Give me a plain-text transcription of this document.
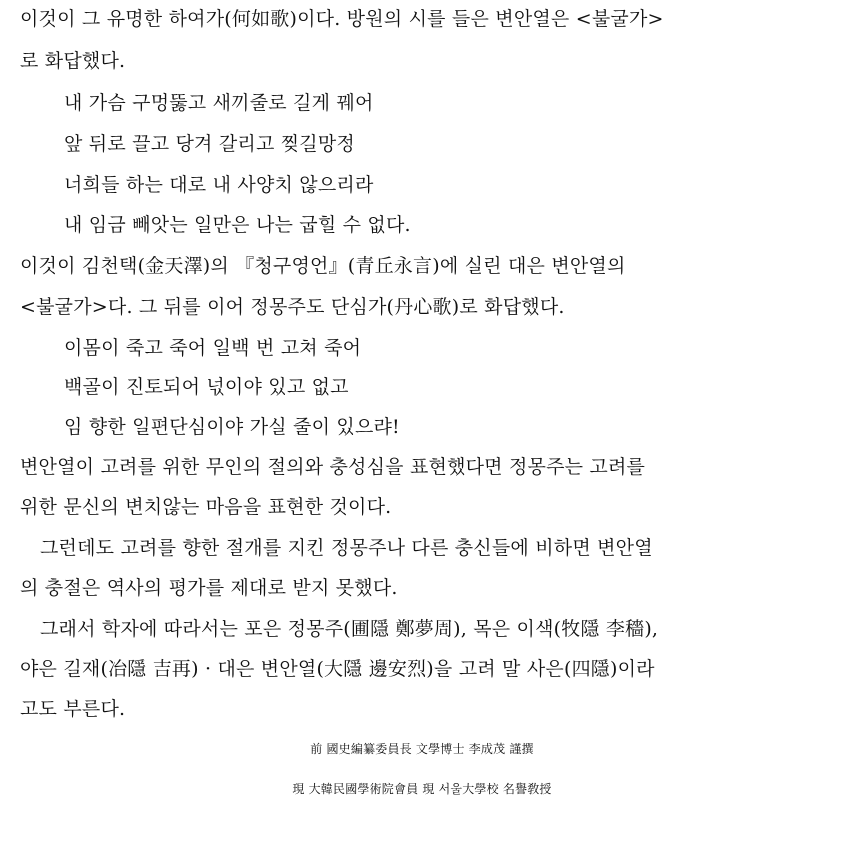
이것이 그 유명한 하여가(何如歌)이다. 방원의 시를 들은 변안열은 <불굴가>
로 화답했다.
내 가슴 구멍뚫고 새끼줄로 길게 꿰어
앞 뒤로 끌고 당겨 갈리고 찢길망정
너희들 하는 대로 내 사양치 않으리라
내 임금 빼앗는 일만은 나는 굽힐 수 없다.
이것이 김천택(金天澤)의 『청구영언』(青丘永言)에 실린 대은 변안열의
<불굴가>다. 그 뒤를 이어 정몽주도 단심가(丹心歌)로 화답했다.
이몸이 죽고 죽어 일백 번 고쳐 죽어
백골이 진토되어 넋이야 있고 없고
임 향한 일편단심이야 가실 줄이 있으랴!
변안열이 고려를 위한 무인의 절의와 충성심을 표현했다면 정몽주는 고려를
위한 문신의 변치않는 마음을 표현한 것이다.
그런데도 고려를 향한 절개를 지킨 정몽주나 다른 충신들에 비하면 변안열
의 충절은 역사의 평가를 제대로 받지 못했다.
그래서 학자에 따라서는 포은 정몽주(圃隱 鄭夢周), 목은 이색(牧隱 李穡),
야은 길재(冶隱 吉再) · 대은 변안열(大隱 邊安烈)을 고려 말 사은(四隱)이라
고도 부른다.
前 國史編纂委員長 文學博士 李成茂 謹撰
現 大韓民國學術院會員 現 서울大學校 名譽敎授
